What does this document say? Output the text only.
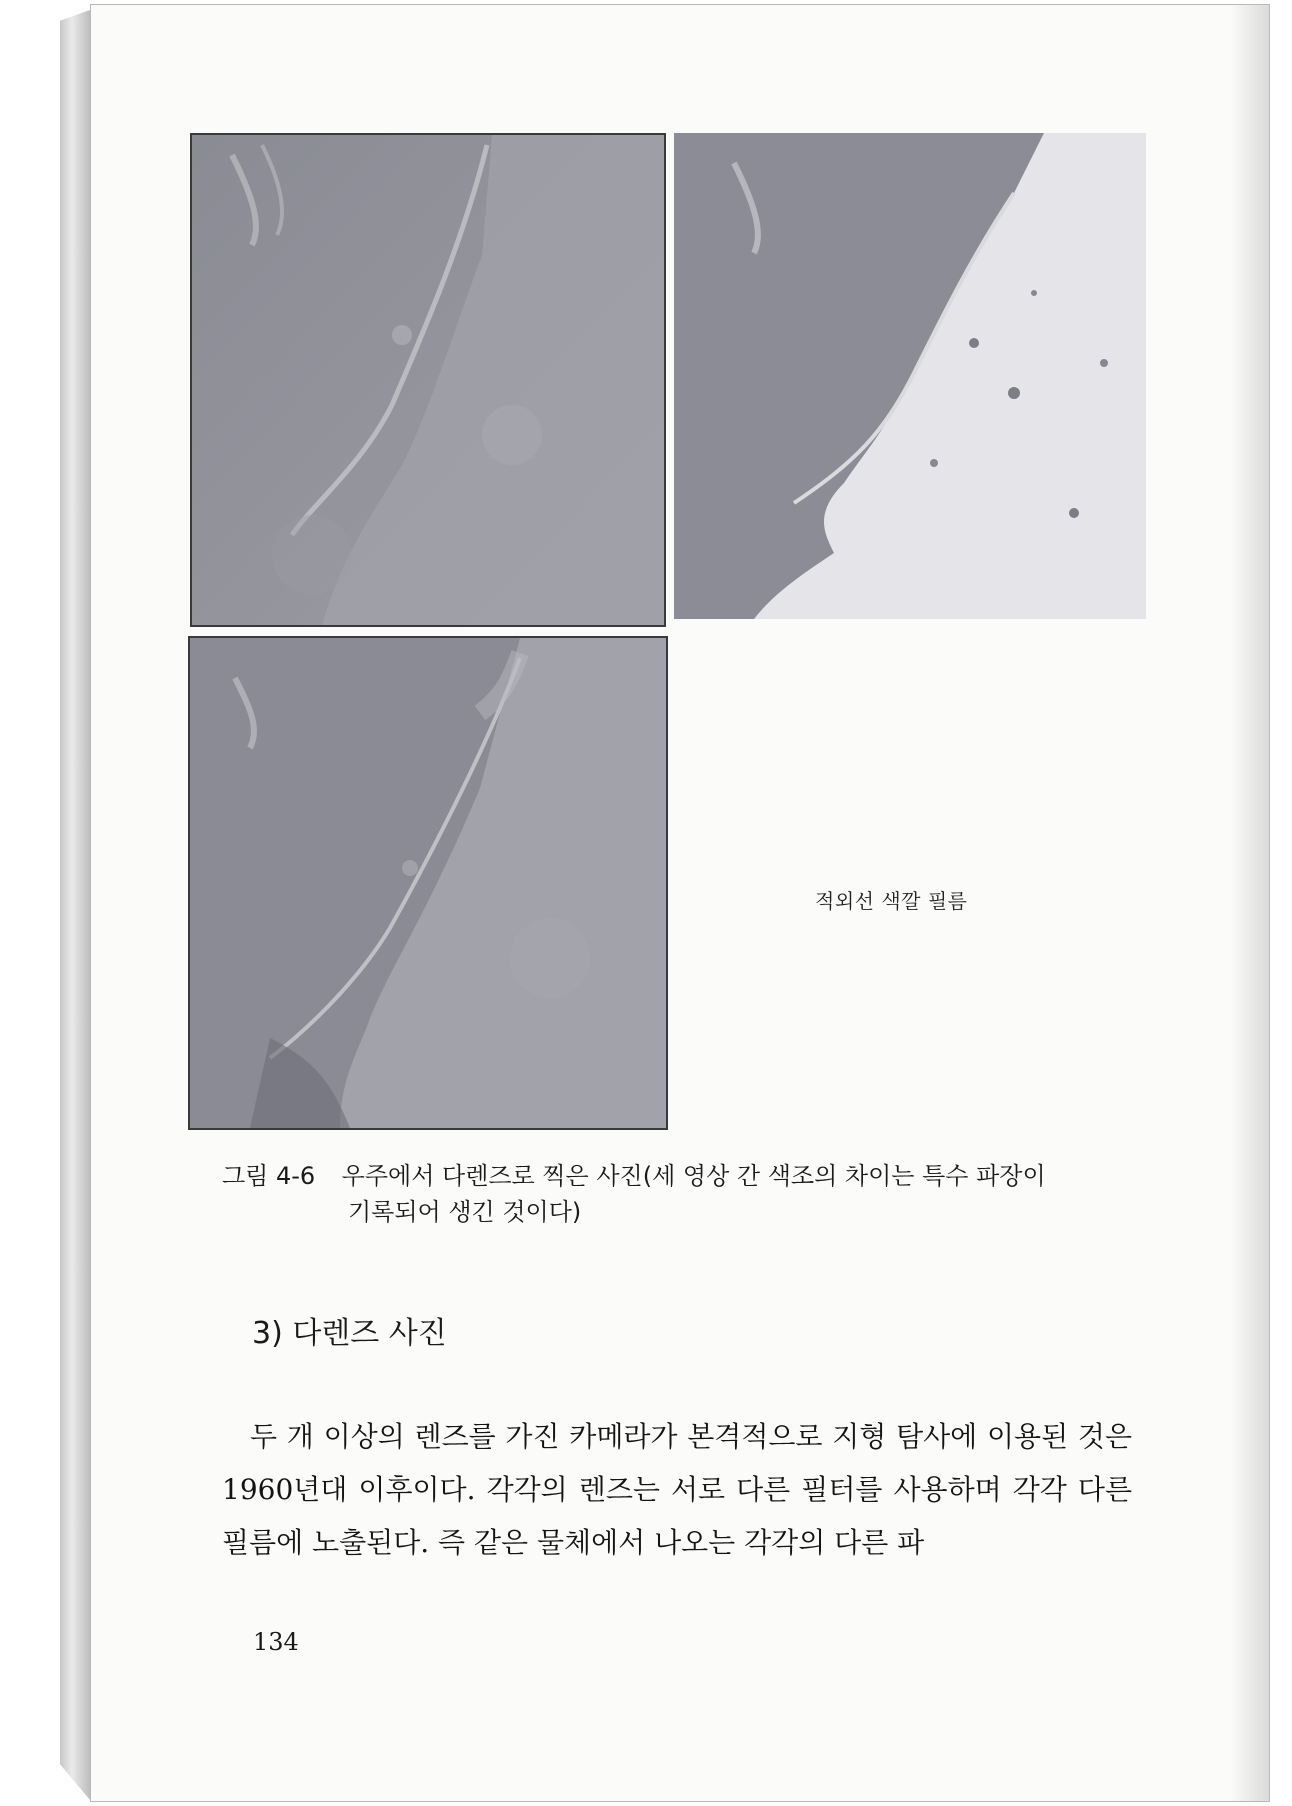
적외선 색깔 필름
그림 4-6 우주에서 다렌즈로 찍은 사진(세 영상 간 색조의 차이는 특수 파장이
기록되어 생긴 것이다)
3) 다렌즈 사진

두 개 이상의 렌즈를 가진 카메라가 본격적으로 지형 탐사에 이용된 것은 1960년대 이후이다. 각각의 렌즈는 서로 다른 필터를 사용하며 각각 다른 필름에 노출된다. 즉 같은 물체에서 나오는 각각의 다른 파

134
